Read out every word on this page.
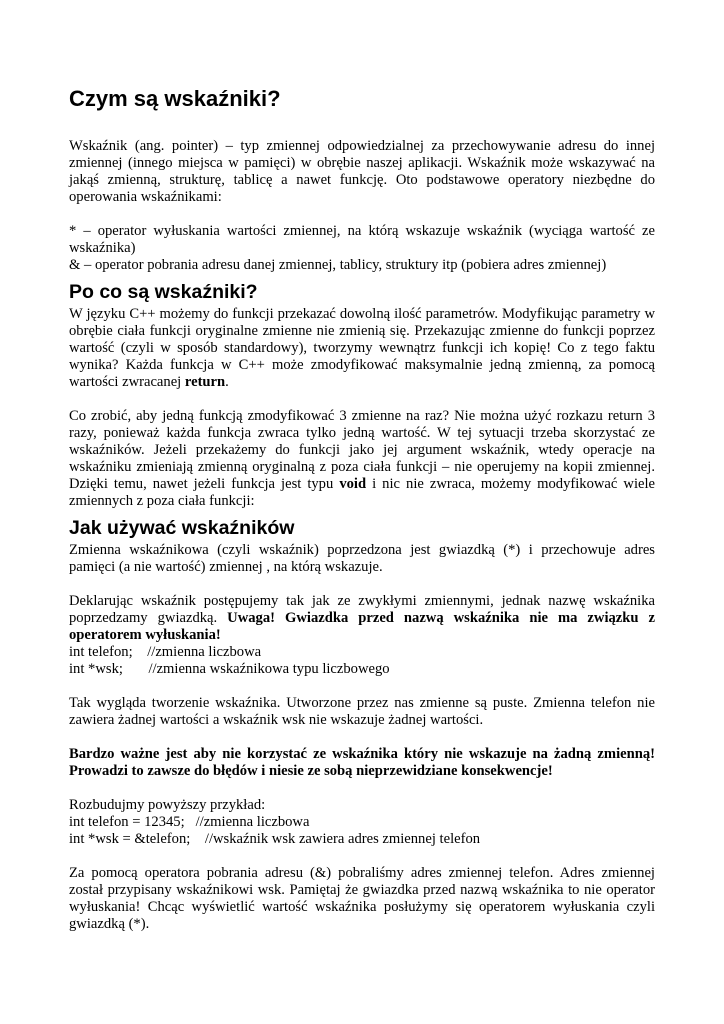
Czym są wskaźniki?

Wskaźnik (ang. pointer) – typ zmiennej odpowiedzialnej za przechowywanie adresu do innej zmiennej (innego miejsca w pamięci) w obrębie naszej aplikacji. Wskaźnik może wskazywać na jakąś zmienną, strukturę, tablicę a nawet funkcję. Oto podstawowe operatory niezbędne do operowania wskaźnikami:

* – operator wyłuskania wartości zmiennej, na którą wskazuje wskaźnik (wyciąga wartość ze wskaźnika)

& – operator pobrania adresu danej zmiennej, tablicy, struktury itp (pobiera adres zmiennej)

Po co są wskaźniki?

W języku C++ możemy do funkcji przekazać dowolną ilość parametrów. Modyfikując parametry w obrębie ciała funkcji oryginalne zmienne nie zmienią się. Przekazując zmienne do funkcji poprzez wartość (czyli w sposób standardowy), tworzymy wewnątrz funkcji ich kopię! Co z tego faktu wynika? Każda funkcja w C++ może zmodyfikować maksymalnie jedną zmienną, za pomocą wartości zwracanej return.

Co zrobić, aby jedną funkcją zmodyfikować 3 zmienne na raz? Nie można użyć rozkazu return 3 razy, ponieważ każda funkcja zwraca tylko jedną wartość. W tej sytuacji trzeba skorzystać ze wskaźników. Jeżeli przekażemy do funkcji jako jej argument wskaźnik, wtedy operacje na wskaźniku zmieniają zmienną oryginalną z poza ciała funkcji – nie operujemy na kopii zmiennej. Dzięki temu, nawet jeżeli funkcja jest typu void i nic nie zwraca, możemy modyfikować wiele zmiennych z poza ciała funkcji:

Jak używać wskaźników

Zmienna wskaźnikowa (czyli wskaźnik) poprzedzona jest gwiazdką (*) i przechowuje adres pamięci (a nie wartość) zmiennej , na którą wskazuje.

Deklarując wskaźnik postępujemy tak jak ze zwykłymi zmiennymi, jednak nazwę wskaźnika poprzedzamy gwiazdką. Uwaga! Gwiazdka przed nazwą wskaźnika nie ma związku z operatorem wyłuskania!

int telefon;    //zmienna liczbowa

int *wsk;       //zmienna wskaźnikowa typu liczbowego

Tak wygląda tworzenie wskaźnika. Utworzone przez nas zmienne są puste. Zmienna telefon nie zawiera żadnej wartości a wskaźnik wsk nie wskazuje żadnej wartości.

Bardzo ważne jest aby nie korzystać ze wskaźnika który nie wskazuje na żadną zmienną! Prowadzi to zawsze do błędów i niesie ze sobą nieprzewidziane konsekwencje!

Rozbudujmy powyższy przykład:

int telefon = 12345;   //zmienna liczbowa

int *wsk = &telefon;    //wskaźnik wsk zawiera adres zmiennej telefon

Za pomocą operatora pobrania adresu (&) pobraliśmy adres zmiennej telefon. Adres zmiennej został przypisany wskaźnikowi wsk. Pamiętaj że gwiazdka przed nazwą wskaźnika to nie operator wyłuskania! Chcąc wyświetlić wartość wskaźnika posłużymy się operatorem wyłuskania czyli gwiazdką (*).
